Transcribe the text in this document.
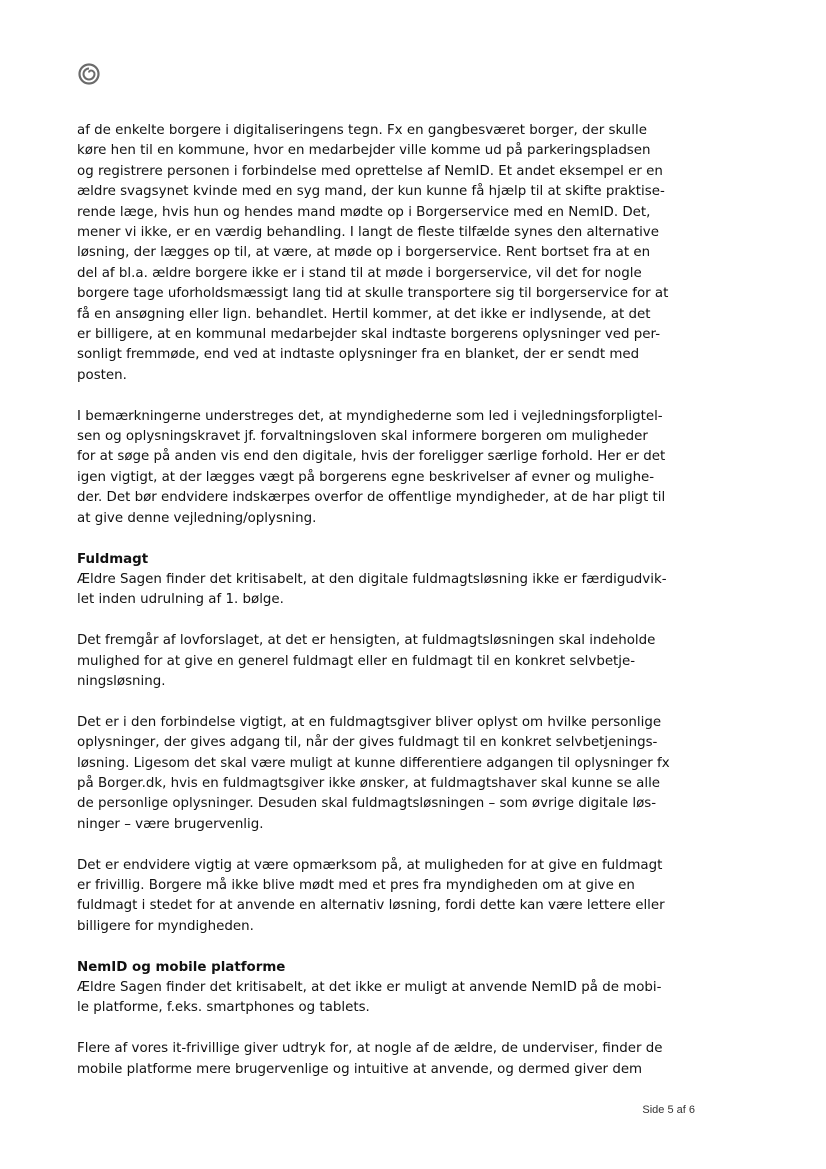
af de enkelte borgere i digitaliseringens tegn. Fx en gangbesværet borger, der skulle
køre hen til en kommune, hvor en medarbejder ville komme ud på parkeringspladsen
og registrere personen i forbindelse med oprettelse af NemID. Et andet eksempel er en
ældre svagsynet kvinde med en syg mand, der kun kunne få hjælp til at skifte praktise-
rende læge, hvis hun og hendes mand mødte op i Borgerservice med en NemID. Det,
mener vi ikke, er en værdig behandling. I langt de fleste tilfælde synes den alternative
løsning, der lægges op til, at være, at møde op i borgerservice. Rent bortset fra at en
del af bl.a. ældre borgere ikke er i stand til at møde i borgerservice, vil det for nogle
borgere tage uforholdsmæssigt lang tid at skulle transportere sig til borgerservice for at
få en ansøgning eller lign. behandlet. Hertil kommer, at det ikke er indlysende, at det
er billigere, at en kommunal medarbejder skal indtaste borgerens oplysninger ved per-
sonligt fremmøde, end ved at indtaste oplysninger fra en blanket, der er sendt med
posten.

I bemærkningerne understreges det, at myndighederne som led i vejledningsforpligtel-
sen og oplysningskravet jf. forvaltningsloven skal informere borgeren om muligheder
for at søge på anden vis end den digitale, hvis der foreligger særlige forhold. Her er det
igen vigtigt, at der lægges vægt på borgerens egne beskrivelser af evner og mulighe-
der. Det bør endvidere indskærpes overfor de offentlige myndigheder, at de har pligt til
at give denne vejledning/oplysning.

Fuldmagt

Ældre Sagen finder det kritisabelt, at den digitale fuldmagtsløsning ikke er færdigudvik-
let inden udrulning af 1. bølge.

Det fremgår af lovforslaget, at det er hensigten, at fuldmagtsløsningen skal indeholde
mulighed for at give en generel fuldmagt eller en fuldmagt til en konkret selvbetje-
ningsløsning.

Det er i den forbindelse vigtigt, at en fuldmagtsgiver bliver oplyst om hvilke personlige
oplysninger, der gives adgang til, når der gives fuldmagt til en konkret selvbetjenings-
løsning. Ligesom det skal være muligt at kunne differentiere adgangen til oplysninger fx
på Borger.dk, hvis en fuldmagtsgiver ikke ønsker, at fuldmagtshaver skal kunne se alle
de personlige oplysninger. Desuden skal fuldmagtsløsningen – som øvrige digitale løs-
ninger – være brugervenlig.

Det er endvidere vigtig at være opmærksom på, at muligheden for at give en fuldmagt
er frivillig. Borgere må ikke blive mødt med et pres fra myndigheden om at give en
fuldmagt i stedet for at anvende en alternativ løsning, fordi dette kan være lettere eller
billigere for myndigheden.

NemID og mobile platforme

Ældre Sagen finder det kritisabelt, at det ikke er muligt at anvende NemID på de mobi-
le platforme, f.eks. smartphones og tablets.

Flere af vores it-frivillige giver udtryk for, at nogle af de ældre, de underviser, finder de
mobile platforme mere brugervenlige og intuitive at anvende, og dermed giver dem

Side 5 af 6
